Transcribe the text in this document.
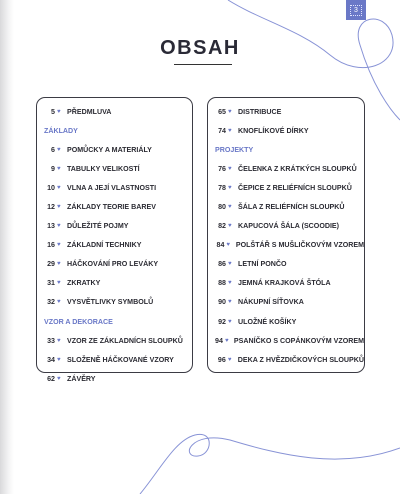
3
OBSAH
5 ♥ PŘEDMLUVA
ZÁKLADY
6 ♥ POMŮCKY A MATERIÁLY
9 ♥ TABULKY VELIKOSTÍ
10 ♥ VLNA A JEJÍ VLASTNOSTI
12 ♥ ZÁKLADY TEORIE BAREV
13 ♥ DŮLEŽITÉ POJMY
16 ♥ ZÁKLADNÍ TECHNIKY
29 ♥ HÁČKOVÁNÍ PRO LEVÁKY
31 ♥ ZKRATKY
32 ♥ VYSVĚTLIVKY SYMBOLŮ
VZOR A DEKORACE
33 ♥ VZOR ZE ZÁKLADNÍCH SLOUPKŮ
34 ♥ SLOŽENĚ HÁČKOVANÉ VZORY
62 ♥ ZÁVĚRY
65 ♥ DISTRIBUCE
74 ♥ KNOFLÍKOVÉ DÍRKY
PROJEKTY
76 ♥ ČELENKA Z KRÁTKÝCH SLOUPKŮ
78 ♥ ČEPICE Z RELIÉFNÍCH SLOUPKŮ
80 ♥ ŠÁLA Z RELIÉFNÍCH SLOUPKŮ
82 ♥ KAPUCOVÁ ŠÁLA (SCOODIE)
84 ♥ POLŠTÁŘ S MUŠLIČKOVÝM VZOREM
86 ♥ LETNÍ PONČO
88 ♥ JEMNÁ KRAJKOVÁ ŠTÓLA
90 ♥ NÁKUPNÍ SÍŤOVKA
92 ♥ ULOŽNÉ KOŠÍKY
94 ♥ PSANÍČKO S COPÁNKOVÝM VZOREM
96 ♥ DEKA Z HVĚZDIČKOVÝCH SLOUPKŮ
